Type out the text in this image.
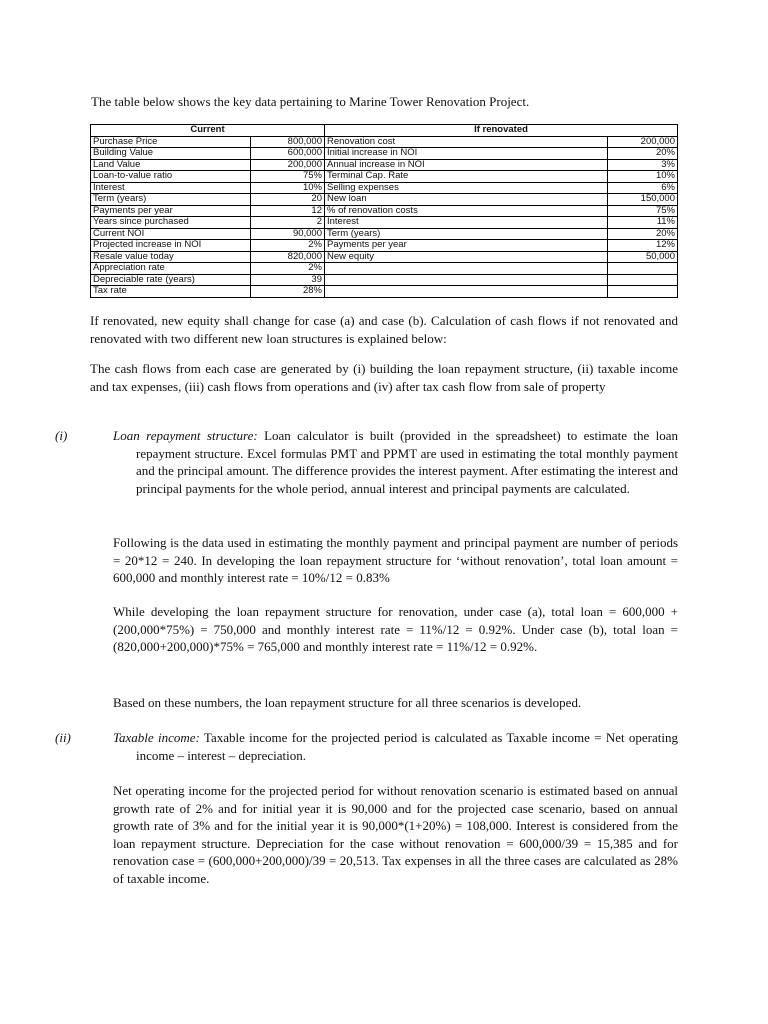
The table below shows the key data pertaining to Marine Tower Renovation Project.
Current		If renovated	
Purchase Price	800,000	Renovation cost	200,000
Building Value	600,000	Initial increase in NOI	20%
Land Value	200,000	Annual increase in NOI	3%
Loan-to-value ratio	75%	Terminal Cap. Rate	10%
Interest	10%	Selling expenses	6%
Term (years)	20	New loan	150,000
Payments per year	12	% of renovation costs	75%
Years since purchased	2	Interest	11%
Current NOI	90,000	Term (years)	20%
Projected increase in NOI	2%	Payments per year	12%
Resale value today	820,000	New equity	50,000
Appreciation rate	2%		
Depreciable rate (years)	39		
Tax rate	28%		

If renovated, new equity shall change for case (a) and case (b). Calculation of cash flows if not renovated and renovated with two different new loan structures is explained below:

The cash flows from each case are generated by (i) building the loan repayment structure, (ii) taxable income and tax expenses, (iii) cash flows from operations and (iv) after tax cash flow from sale of property

(i)	Loan repayment structure: Loan calculator is built (provided in the spreadsheet) to estimate the loan repayment structure. Excel formulas PMT and PPMT are used in estimating the total monthly payment and the principal amount. The difference provides the interest payment. After estimating the interest and principal payments for the whole period, annual interest and principal payments are calculated.

Following is the data used in estimating the monthly payment and principal payment are number of periods = 20*12 = 240. In developing the loan repayment structure for ‘without renovation’, total loan amount = 600,000 and monthly interest rate = 10%/12 = 0.83%

While developing the loan repayment structure for renovation, under case (a), total loan = 600,000 + (200,000*75%) = 750,000 and monthly interest rate = 11%/12 = 0.92%. Under case (b), total loan = (820,000+200,000)*75% = 765,000 and monthly interest rate = 11%/12 = 0.92%.

Based on these numbers, the loan repayment structure for all three scenarios is developed.

(ii)	Taxable income: Taxable income for the projected period is calculated as Taxable income = Net operating income – interest – depreciation.

Net operating income for the projected period for without renovation scenario is estimated based on annual growth rate of 2% and for initial year it is 90,000 and for the projected case scenario, based on annual growth rate of 3% and for the initial year it is 90,000*(1+20%) = 108,000. Interest is considered from the loan repayment structure. Depreciation for the case without renovation = 600,000/39 = 15,385 and for renovation case = (600,000+200,000)/39 = 20,513. Tax expenses in all the three cases are calculated as 28% of taxable income.
